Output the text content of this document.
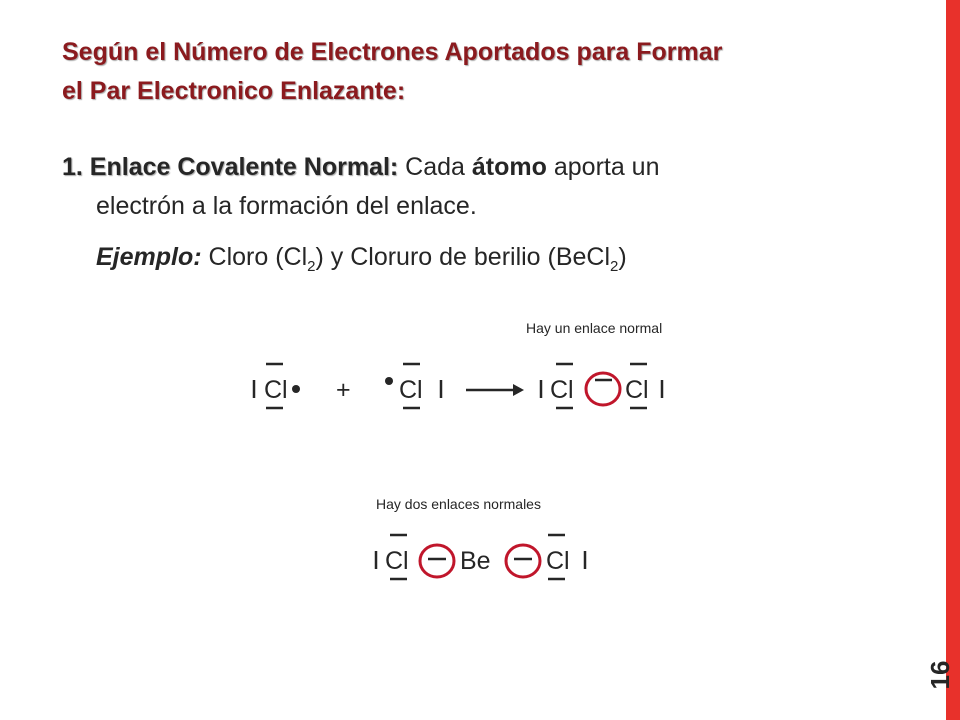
16
Según el Número de Electrones Aportados para Formar
el Par Electronico Enlazante:
1. Enlace Covalente Normal: Cada átomo aporta un
electrón a la formación del enlace.
Ejemplo: Cloro $(Cl_2)$ y Cloruro de berilio (BeCl$_2$)
Hay un enlace normal
Hay dos enlaces normales
Cl + Cl	Cl Cl
Cl Be Cl
